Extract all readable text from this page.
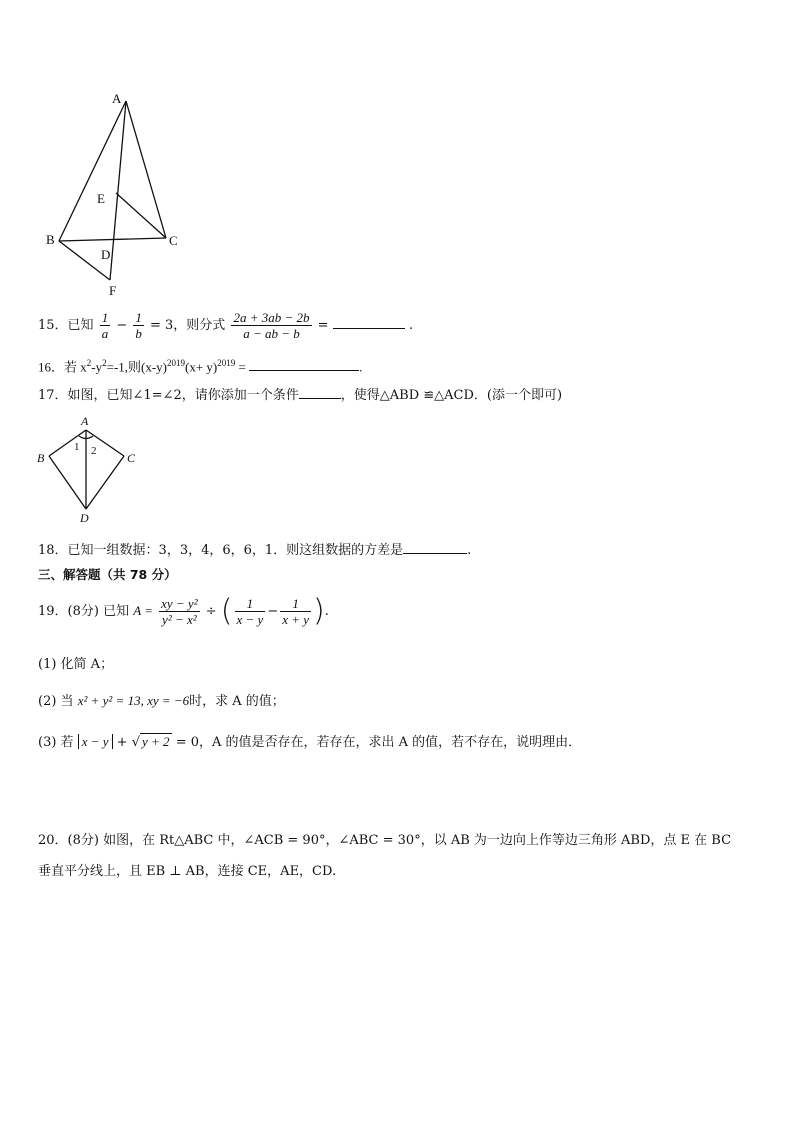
A
E
B	C
D
F
15．已知 $\frac{1}{a} - \frac{1}{b} = 3$，则分式 $\frac{2a + 3ab - 2b}{a - ab - b}$ =	.
16．若 $x^2-y^2=-1$,则$(x-y)^{2019}(x+ y)^{2019}$ =	.
17．如图，已知∠1=∠2，请你添加一个条件	，使得△ABD ≌△ACD．(添一个即可)
A
B	C
D
1 2
18．已知一组数据：3，3，4，6，6，1．则这组数据的方差是	.
三、解答题（共 78 分）
19．(8分) 已知 $A = \frac{\text{xy − y²}}{\text{y² − x²}}$ ÷ ( $\frac{1}{x - y} - \frac{1}{x + y}$ ).
(1) 化简 A；
(2) 当 x² + y² = 13, xy = −6时，求 A 的值；
(3) 若 x − y + √ y + 2 = 0，A 的值是否存在，若存在，求出 A 的值，若不存在，说明理由．
20．(8分) 如图，在 Rt△ABC 中，∠ACB = 90°，∠ABC = 30°，以 AB 为一边向上作等边三角形 ABD，点 E 在 BC
垂直平分线上，且 EB ⊥ AB，连接 CE，AE，CD.
